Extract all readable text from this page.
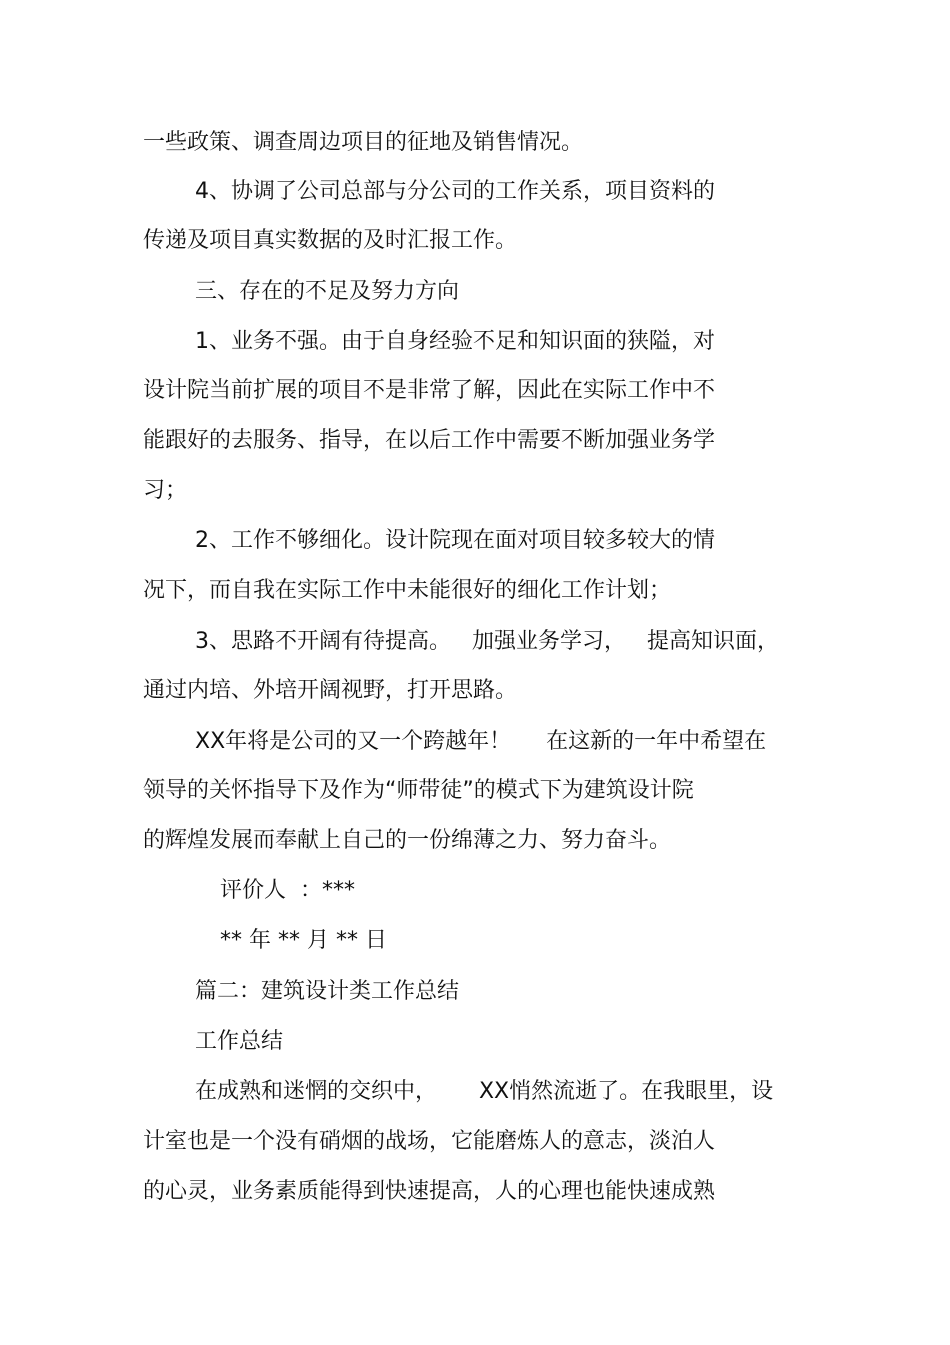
一些政策、调查周边项目的征地及销售情况。
4、协调了公司总部与分公司的工作关系，项目资料的
传递及项目真实数据的及时汇报工作。
三、存在的不足及努力方向
1、业务不强。由于自身经验不足和知识面的狭隘，对
设计院当前扩展的项目不是非常了解，因此在实际工作中不
能跟好的去服务、指导，在以后工作中需要不断加强业务学
习；
2、工作不够细化。设计院现在面对项目较多较大的情
况下，而自我在实际工作中未能很好的细化工作计划；
3、思路不开阔有待提高。   加强业务学习，   提高知识面，
通过内培、外培开阔视野，打开思路。
XX年将是公司的又一个跨越年！     在这新的一年中希望在
领导的关怀指导下及作为“师带徒”的模式下为建筑设计院
的辉煌发展而奉献上自己的一份绵薄之力、努力奋斗。
评价人  ：***
** 年 ** 月 ** 日
篇二：建筑设计类工作总结
工作总结
在成熟和迷惘的交织中，      XX悄然流逝了。在我眼里，设
计室也是一个没有硝烟的战场，它能磨炼人的意志，淡泊人
的心灵，业务素质能得到快速提高，人的心理也能快速成熟
